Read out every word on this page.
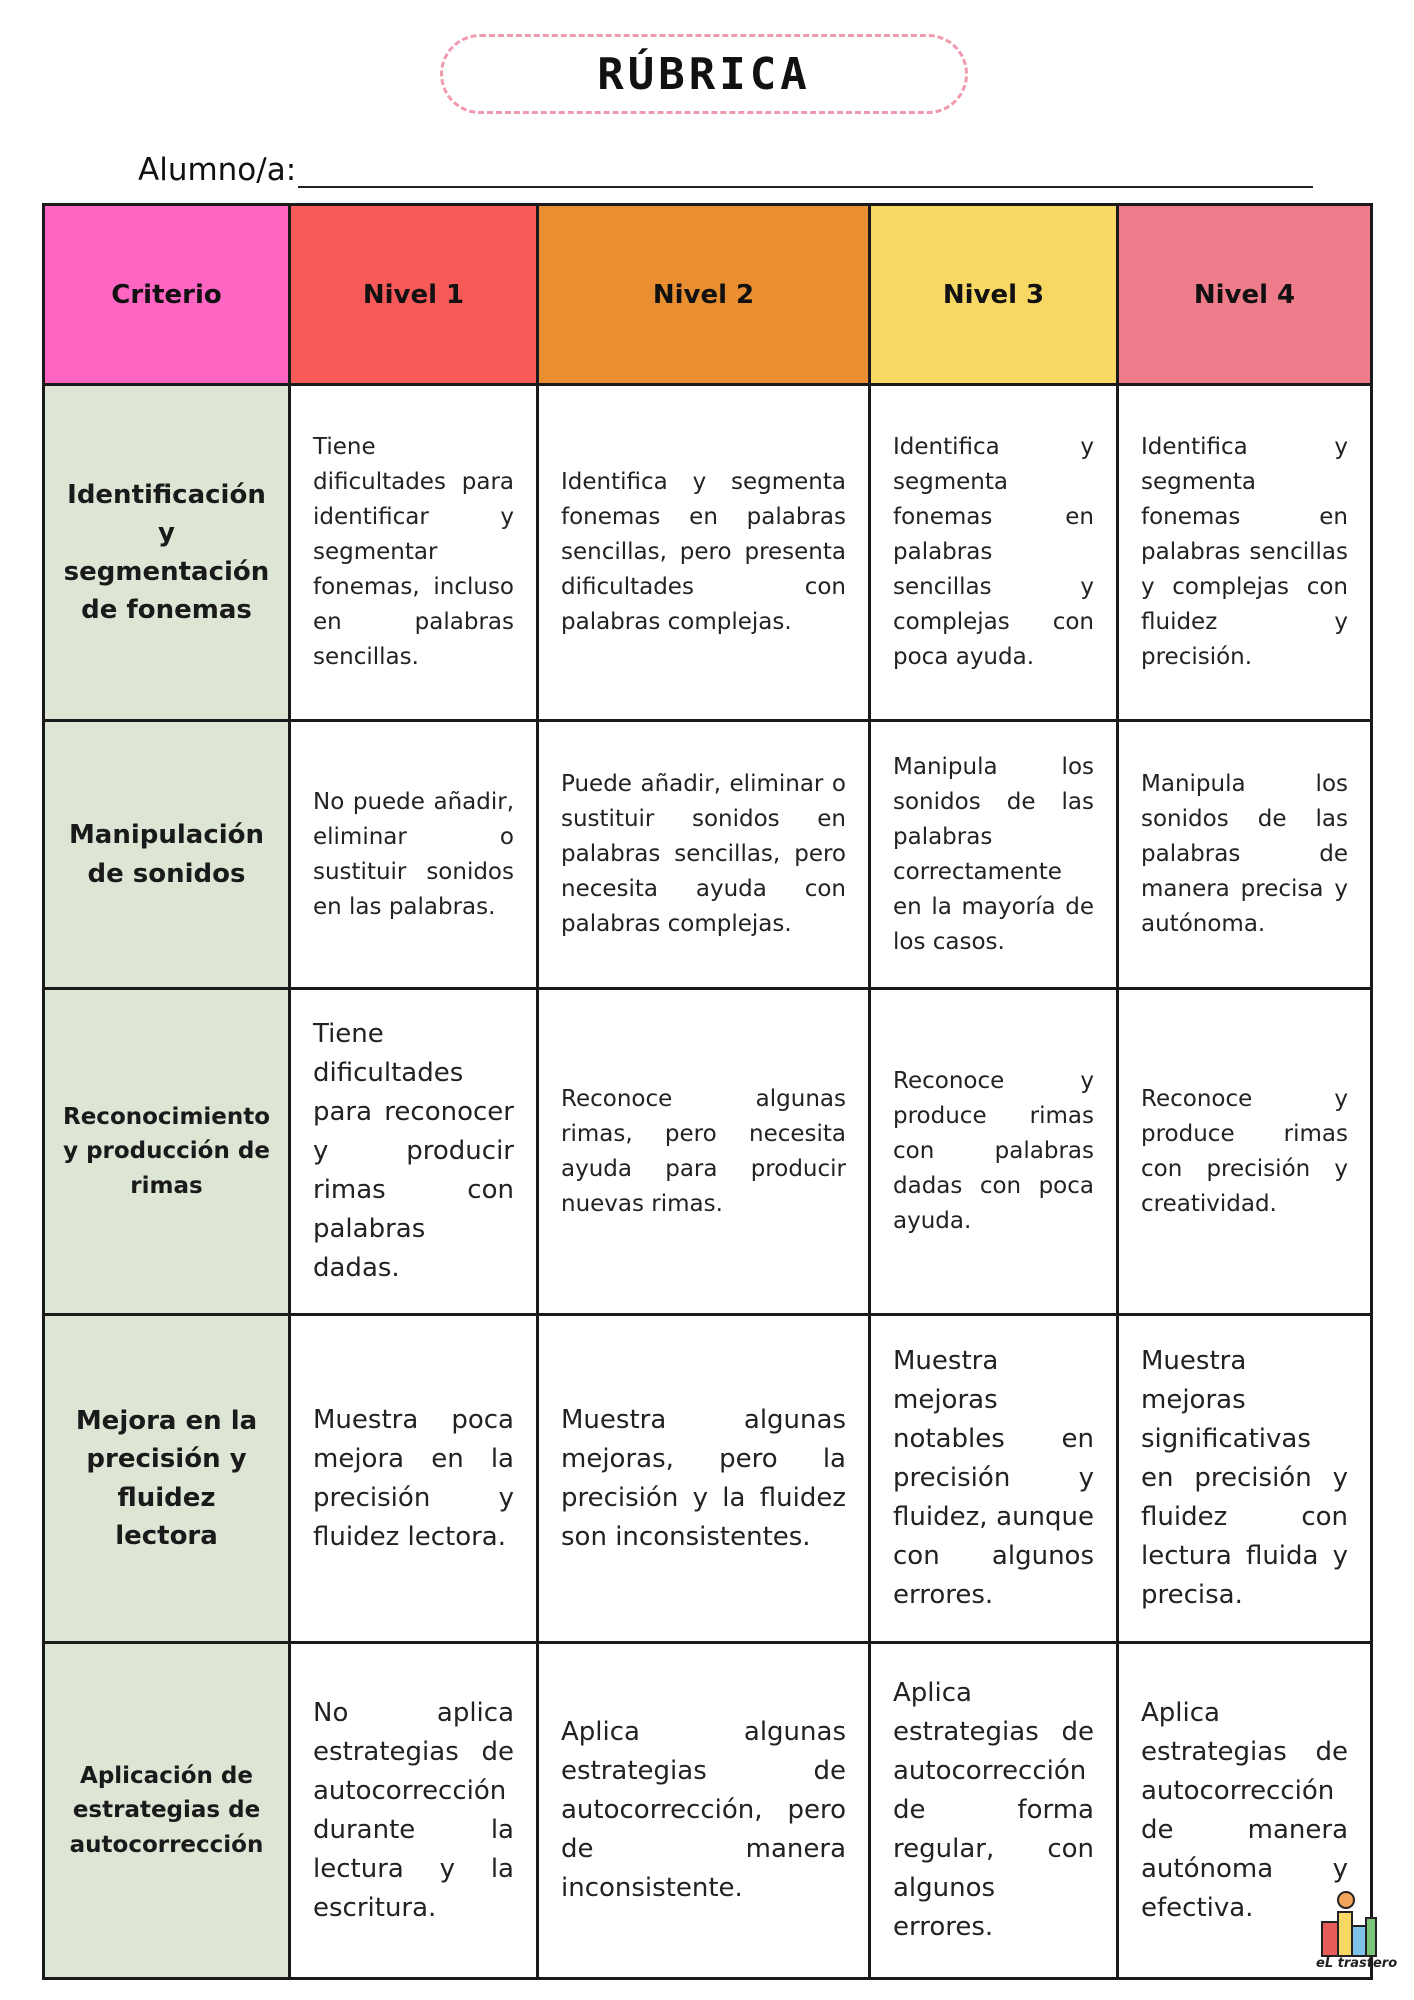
RÚBRICA
Alumno/a:
Criterio	Nivel 1	Nivel 2	Nivel 3	Nivel 4
Identificación y segmentación de fonemas	Tiene dificultades para identificar y segmentar fonemas, incluso en palabras sencillas.	Identifica y segmenta fonemas en palabras sencillas, pero presenta dificultades con palabras complejas.	Identifica y segmenta fonemas en palabras sencillas y complejas con poca ayuda.	Identifica y segmenta fonemas en palabras sencillas y complejas con fluidez y precisión.
Manipulación de sonidos	No puede añadir, eliminar o sustituir sonidos en las palabras.	Puede añadir, eliminar o sustituir sonidos en palabras sencillas, pero necesita ayuda con palabras complejas.	Manipula los sonidos de las palabras correctamente en la mayoría de los casos.	Manipula los sonidos de las palabras de manera precisa y autónoma.
Reconocimiento y producción de rimas	Tiene dificultades para reconocer y producir rimas con palabras dadas.	Reconoce algunas rimas, pero necesita ayuda para producir nuevas rimas.	Reconoce y produce rimas con palabras dadas con poca ayuda.	Reconoce y produce rimas con precisión y creatividad.
Mejora en la precisión y fluidez lectora	Muestra poca mejora en la precisión y fluidez lectora.	Muestra algunas mejoras, pero la precisión y la fluidez son inconsistentes.	Muestra mejoras notables en precisión y fluidez, aunque con algunos errores.	Muestra mejoras significativas en precisión y fluidez con lectura fluida y precisa.
Aplicación de estrategias de autocorrección	No aplica estrategias de autocorrección durante la lectura y la escritura.	Aplica algunas estrategias de autocorrección, pero de manera inconsistente.	Aplica estrategias de autocorrección de forma regular, con algunos errores.	Aplica estrategias de autocorrección de manera autónoma y efectiva.
eL trastero
